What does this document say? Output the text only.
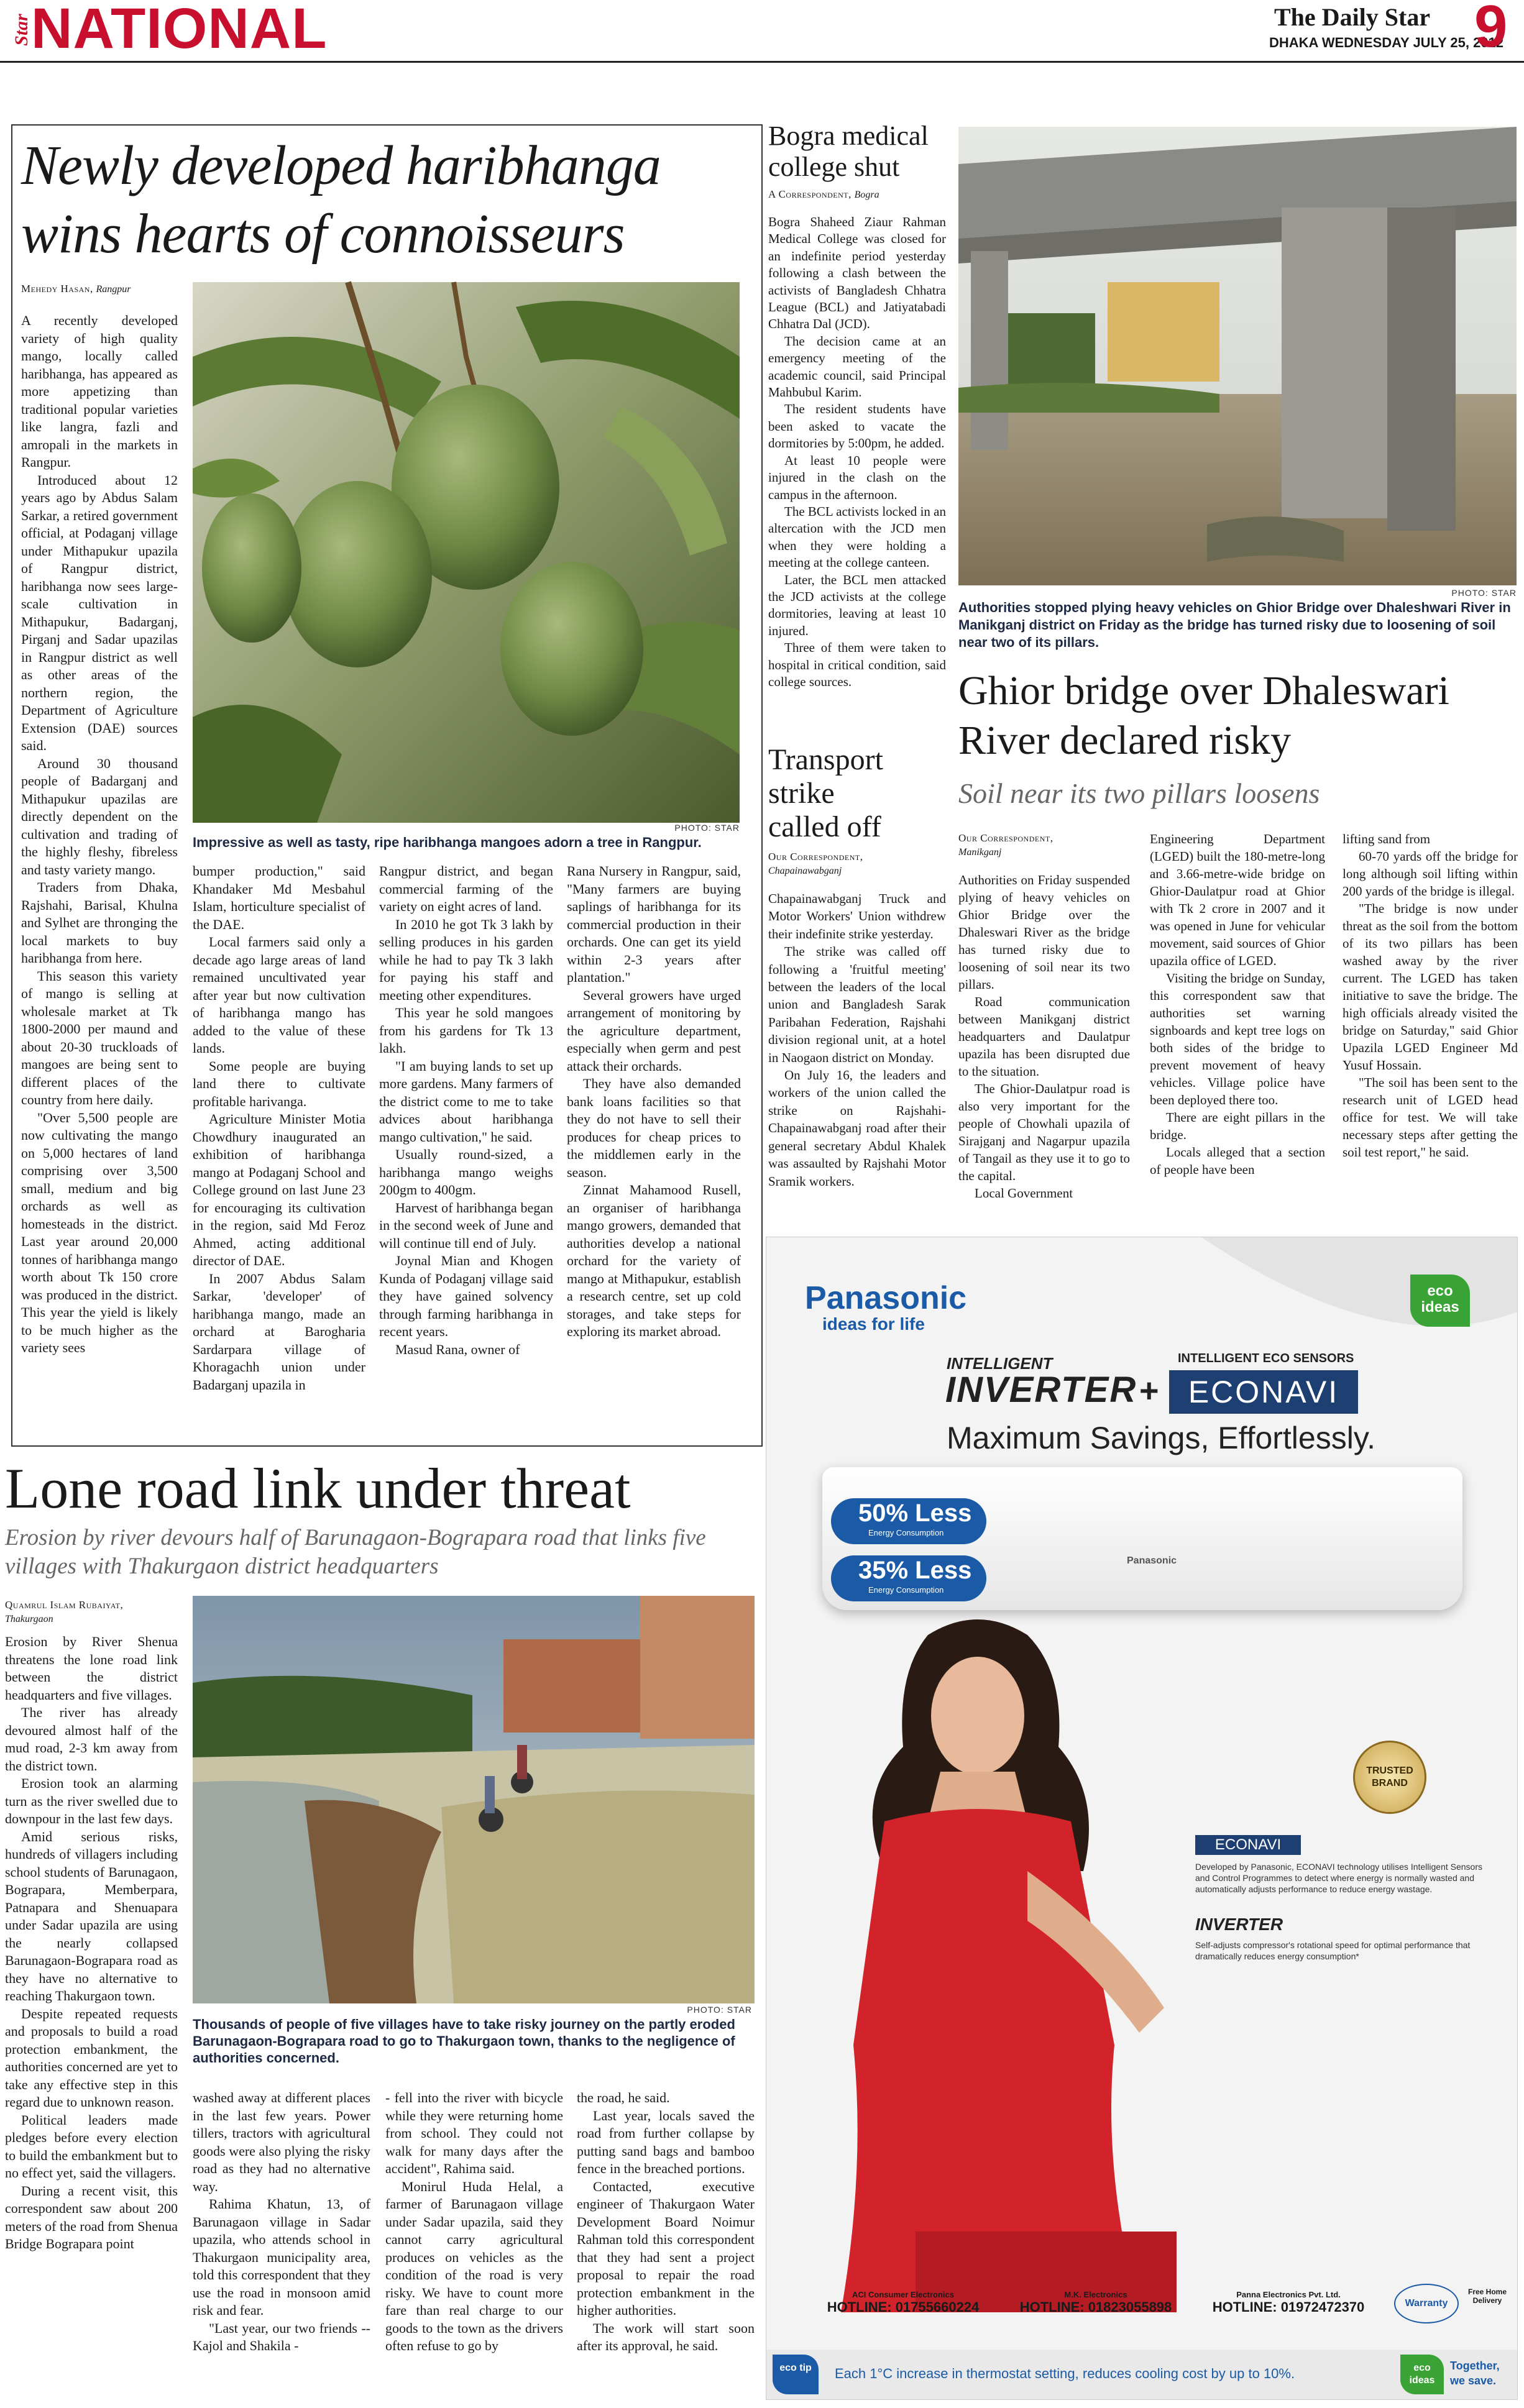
Star NATIONAL	The Daily Star
DHAKA WEDNESDAY JULY 25, 2012
9
Newly developed haribhanga wins hearts of connoisseurs
Mehedy Hasan, Rangpur

A recently developed variety of high quality mango, locally called haribhanga, has appeared as more appetizing than traditional popular varieties like langra, fazli and amropali in the markets in Rangpur.

Introduced about 12 years ago by Abdus Salam Sarkar, a retired government official, at Podaganj village under Mithapukur upazila of Rangpur district, haribhanga now sees large-scale cultivation in Mithapukur, Badarganj, Pirganj and Sadar upazilas in Rangpur district as well as other areas of the northern region, the Department of Agriculture Extension (DAE) sources said.

Around 30 thousand people of Badarganj and Mithapukur upazilas are directly dependent on the cultivation and trading of the highly fleshy, fibreless and tasty variety mango.

Traders from Dhaka, Rajshahi, Barisal, Khulna and Sylhet are thronging the local markets to buy haribhanga from here.

This season this variety of mango is selling at wholesale market at Tk 1800-2000 per maund and about 20-30 truckloads of mangoes are being sent to different places of the country from here daily.

"Over 5,500 people are now cultivating the mango on 5,000 hectares of land comprising over 3,500 small, medium and big orchards as well as homesteads in the district. Last year around 20,000 tonnes of haribhanga mango worth about Tk 150 crore was produced in the district. This year the yield is likely to be much higher as the variety sees

PHOTO: STAR
Impressive as well as tasty, ripe haribhanga mangoes adorn a tree in Rangpur.

bumper production," said Khandaker Md Mesbahul Islam, horticulture specialist of the DAE.

Local farmers said only a decade ago large areas of land remained uncultivated year after year but now cultivation of haribhanga mango has added to the value of these lands.

Some people are buying land there to cultivate profitable harivanga.

Agriculture Minister Motia Chowdhury inaugurated an exhibition of haribhanga mango at Podaganj School and College ground on last June 23 for encouraging its cultivation in the region, said Md Feroz Ahmed, acting additional director of DAE.

In 2007 Abdus Salam Sarkar, 'developer' of haribhanga mango, made an orchard at Barogharia Sardarpara village of Khoragachh union under Badarganj upazila in

Rangpur district, and began commercial farming of the variety on eight acres of land.

In 2010 he got Tk 3 lakh by selling produces in his garden while he had to pay Tk 3 lakh for paying his staff and meeting other expenditures.

This year he sold mangoes from his gardens for Tk 13 lakh.

"I am buying lands to set up more gardens. Many farmers of the district come to me to take advices about haribhanga mango cultivation," he said.

Usually round-sized, a haribhanga mango weighs 200gm to 400gm.

Harvest of haribhanga began in the second week of June and will continue till end of July.

Joynal Mian and Khogen Kunda of Podaganj village said they have gained solvency through farming haribhanga in recent years.

Masud Rana, owner of

Rana Nursery in Rangpur, said, "Many farmers are buying saplings of haribhanga for its commercial production in their orchards. One can get its yield within 2-3 years after plantation."

Several growers have urged arrangement of monitoring by the agriculture department, especially when germ and pest attack their orchards.

They have also demanded bank loans facilities so that they do not have to sell their produces for cheap prices to the middlemen early in the season.

Zinnat Mahamood Rusell, an organiser of haribhanga mango growers, demanded that authorities develop a national orchard for the variety of mango at Mithapukur, establish a research centre, set up cold storages, and take steps for exploring its market abroad.

Bogra medical college shut
A Correspondent, Bogra

Bogra Shaheed Ziaur Rahman Medical College was closed for an indefinite period yesterday following a clash between the activists of Bangladesh Chhatra League (BCL) and Jatiyatabadi Chhatra Dal (JCD).

The decision came at an emergency meeting of the academic council, said Principal Mahbubul Karim.

The resident students have been asked to vacate the dormitories by 5:00pm, he added.

At least 10 people were injured in the clash on the campus in the afternoon.

The BCL activists locked in an altercation with the JCD men when they were holding a meeting at the college canteen.

Later, the BCL men attacked the JCD activists at the college dormitories, leaving at least 10 injured.

Three of them were taken to hospital in critical condition, said college sources.

Transport strike called off
Our Correspondent,
Chapainawabganj

Chapainawabganj Truck and Motor Workers' Union withdrew their indefinite strike yesterday.

The strike was called off following a 'fruitful meeting' between the leaders of the local union and Bangladesh Sarak Paribahan Federation, Rajshahi division regional unit, at a hotel in Naogaon district on Monday.

On July 16, the leaders and workers of the union called the strike on Rajshahi-Chapainawabganj road after their general secretary Abdul Khalek was assaulted by Rajshahi Motor Sramik workers.

PHOTO: STAR
Authorities stopped plying heavy vehicles on Ghior Bridge over Dhaleshwari River in Manikganj district on Friday as the bridge has turned risky due to loosening of soil near two of its pillars.
Ghior bridge over Dhaleswari River declared risky
Soil near its two pillars loosens
Our Correspondent,
Manikganj

Authorities on Friday suspended plying of heavy vehicles on Ghior Bridge over the Dhaleswari River as the bridge has turned risky due to loosening of soil near its two pillars.

Road communication between Manikganj district headquarters and Daulatpur upazila has been disrupted due to the situation.

The Ghior-Daulatpur road is also very important for the people of Chowhali upazila of Sirajganj and Nagarpur upazila of Tangail as they use it to go to the capital.

Local Government

Engineering Department (LGED) built the 180-metre-long and 3.66-metre-wide bridge on Ghior-Daulatpur road at Ghior with Tk 2 crore in 2007 and it was opened in June for vehicular movement, said sources of Ghior upazila office of LGED.

Visiting the bridge on Sunday, this correspondent saw that authorities set warning signboards and kept tree logs on both sides of the bridge to prevent movement of heavy vehicles. Village police have been deployed there too.

There are eight pillars in the bridge.

Locals alleged that a section of people have been

lifting sand from

60-70 yards off the bridge for long although soil lifting within 200 yards of the bridge is illegal.

"The bridge is now under threat as the soil from the bottom of its two pillars has been washed away by the river current. The LGED has taken initiative to save the bridge. The high officials already visited the bridge on Saturday," said Ghior Upazila LGED Engineer Md Yusuf Hossain.

"The soil has been sent to the research unit of LGED head office for test. We will take necessary steps after getting the soil test report," he said.

Lone road link under threat
Erosion by river devours half of Barunagaon-Bograpara road that links five villages with Thakurgaon district headquarters
Quamrul Islam Rubaiyat,
Thakurgaon

Erosion by River Shenua threatens the lone road link between the district headquarters and five villages.

The river has already devoured almost half of the mud road, 2-3 km away from the district town.

Erosion took an alarming turn as the river swelled due to downpour in the last few days.

Amid serious risks, hundreds of villagers including school students of Barunagaon, Bograpara, Memberpara, Patnapara and Shenuapara under Sadar upazila are using the nearly collapsed Barunagaon-Bograpara road as they have no alternative to reaching Thakurgaon town.

Despite repeated requests and proposals to build a road protection embankment, the authorities concerned are yet to take any effective step in this regard due to unknown reason.

Political leaders made pledges before every election to build the embankment but to no effect yet, said the villagers.

During a recent visit, this correspondent saw about 200 meters of the road from Shenua Bridge Bograpara point

PHOTO: STAR
Thousands of people of five villages have to take risky journey on the partly eroded Barunagaon-Bograpara road to go to Thakurgaon town, thanks to the negligence of authorities concerned.

washed away at different places in the last few years. Power tillers, tractors with agricultural goods were also plying the risky road as they had no alternative way.

Rahima Khatun, 13, of Barunagaon village in Sadar upazila, who attends school in Thakurgaon municipality area, told this correspondent that they use the road in monsoon amid risk and fear.

"Last year, our two friends -- Kajol and Shakila -

- fell into the river with bicycle while they were returning home from school. They could not walk for many days after the accident", Rahima said.

Monirul Huda Helal, a farmer of Barunagaon village under Sadar upazila, said they cannot carry agricultural produces on vehicles as the condition of the road is very risky. We have to count more fare than real charge to our goods to the town as the drivers often refuse to go by

the road, he said.

Last year, locals saved the road from further collapse by putting sand bags and bamboo fence in the breached portions.

Contacted, executive engineer of Thakurgaon Water Development Board Noimur Rahman told this correspondent that they had sent a project proposal to repair the road protection embankment in the higher authorities.

The work will start soon after its approval, he said.

Panasonic
ideas for life
eco ideas
INTELLIGENT
INVERTER +
INTELLIGENT ECO SENSORS
ECONAVI
Maximum Savings, Effortlessly.
Panasonic
50% Less
Energy Consumption
35% Less
Energy Consumption
TRUSTED BRAND
ECONAVI
Developed by Panasonic, ECONAVI technology utilises Intelligent Sensors and Control Programmes to detect where energy is normally wasted and automatically adjusts performance to reduce energy wastage.
INVERTER
Self-adjusts compressor's rotational speed for optimal performance that dramatically reduces energy consumption*
ACI Consumer Electronics
HOTLINE: 01755660224
M.K. Electronics
HOTLINE: 01823055898
Panna Electronics Pvt. Ltd.
HOTLINE: 01972472370	Warranty
Free Home Delivery
eco tip	Each 1°C increase in thermostat setting, reduces cooling cost by up to 10%.	eco ideas
Together, we save.
